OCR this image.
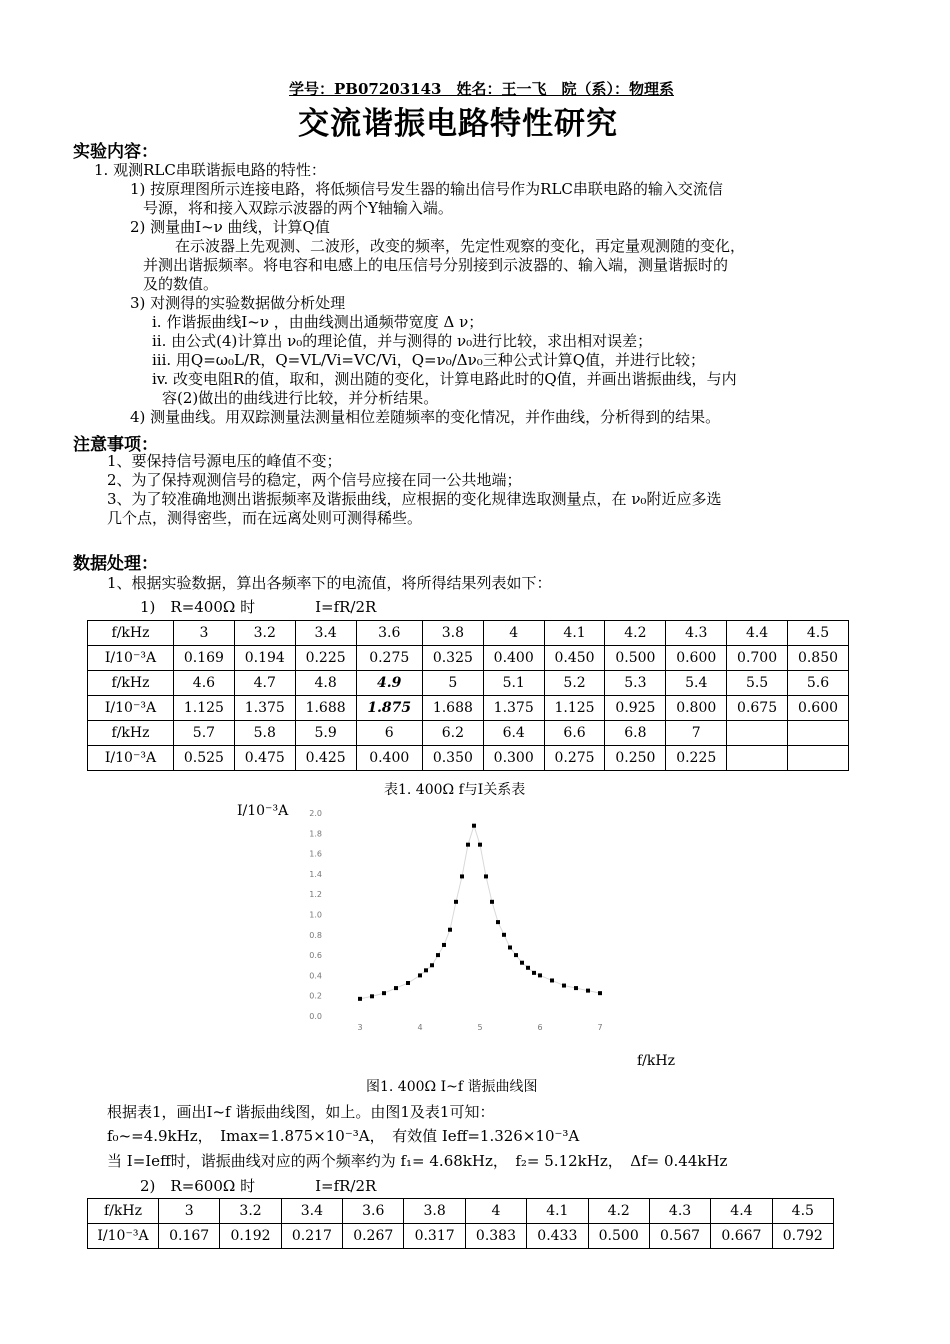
学号：PB07203143　姓名：王一飞　院（系）：物理系
交流谐振电路特性研究
实验内容：
1. 观测RLC串联谐振电路的特性：
1) 按原理图所示连接电路，将低频信号发生器的输出信号作为RLC串联电路的输入交流信
号源，将和接入双踪示波器的两个Y轴输入端。
2) 测量曲I~ν 曲线，计算Q值
在示波器上先观测、二波形，改变的频率，先定性观察的变化，再定量观测随的变化，
并测出谐振频率。将电容和电感上的电压信号分别接到示波器的、输入端，测量谐振时的
及的数值。
3) 对测得的实验数据做分析处理
i. 作谐振曲线I~ν ，由曲线测出通频带宽度 Δ ν；
ii. 由公式(4)计算出 ν₀的理论值，并与测得的 ν₀进行比较，求出相对误差；
iii. 用Q=ω₀L/R，Q=VL/Vi=VC/Vi，Q=ν₀/Δν₀三种公式计算Q值，并进行比较；
iv. 改变电阻R的值，取和，测出随的变化，计算电路此时的Q值，并画出谐振曲线，与内
容(2)做出的曲线进行比较，并分析结果。
4) 测量曲线。用双踪测量法测量相位差随频率的变化情况，并作曲线，分析得到的结果。
注意事项：
1、要保持信号源电压的峰值不变；
2、为了保持观测信号的稳定，两个信号应接在同一公共地端；
3、为了较准确地测出谐振频率及谐振曲线，应根据的变化规律选取测量点，在 ν₀附近应多选
几个点，测得密些，而在远离处则可测得稀些。
数据处理：
1、根据实验数据，算出各频率下的电流值，将所得结果列表如下：
1)　R=400Ω 时　　　　I=fR/2R
f/kHz	3	3.2	3.4	3.6	3.8	4	4.1	4.2	4.3	4.4	4.5
I/10⁻³A	0.169	0.194	0.225	0.275	0.325	0.400	0.450	0.500	0.600	0.700	0.850
f/kHz	4.6	4.7	4.8	4.9	5	5.1	5.2	5.3	5.4	5.5	5.6
I/10⁻³A	1.125	1.375	1.688	1.875	1.688	1.375	1.125	0.925	0.800	0.675	0.600
f/kHz	5.7	5.8	5.9	6	6.2	6.4	6.6	6.8	7		
I/10⁻³A	0.525	0.475	0.425	0.400	0.350	0.300	0.275	0.250	0.225		
表1. 400Ω f与I关系表
I/10⁻³A
0.0
0.2
0.4
0.6
0.8
1.0
1.2
1.4
1.6
1.8
2.0
3	4	5	6	7
f/kHz
图1. 400Ω I~f 谐振曲线图
根据表1，画出I~f 谐振曲线图，如上。由图1及表1可知：
f₀~=4.9kHz，　Imax=1.875×10⁻³A，　有效值 Ieff=1.326×10⁻³A
当 I=Ieff时，谐振曲线对应的两个频率约为 f₁= 4.68kHz，　f₂= 5.12kHz，　Δf= 0.44kHz
2)　R=600Ω 时　　　　I=fR/2R
f/kHz	3	3.2	3.4	3.6	3.8	4	4.1	4.2	4.3	4.4	4.5
I/10⁻³A	0.167	0.192	0.217	0.267	0.317	0.383	0.433	0.500	0.567	0.667	0.792
